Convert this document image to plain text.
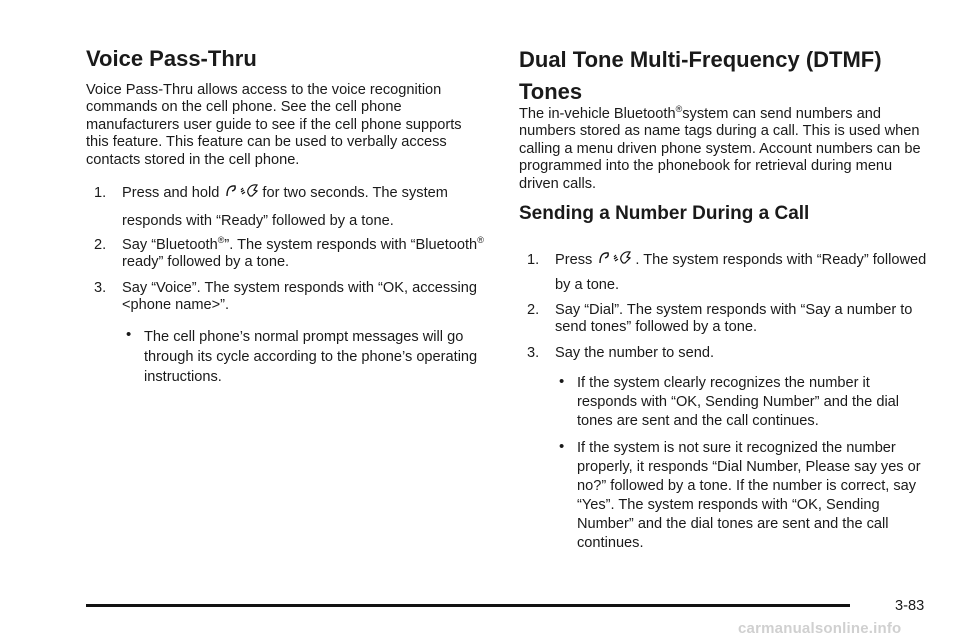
Voice Pass-Thru

Voice Pass-Thru allows access to the voice recognition commands on the cell phone. See the cell phone manufacturers user guide to see if the cell phone supports this feature. This feature can be used to verbally access contacts stored in the cell phone.

1. Press and hold	for two seconds. The system responds with “Ready” followed by a tone.
2. Say “Bluetooth®”. The system responds with “Bluetooth® ready” followed by a tone.
3. Say “Voice”. The system responds with “OK, accessing <phone name>”.
• The cell phone’s normal prompt messages will go through its cycle according to the phone’s operating instructions.
Dual Tone Multi-Frequency (DTMF)
Tones

The in-vehicle Bluetooth®system can send numbers and numbers stored as name tags during a call. This is used when calling a menu driven phone system. Account numbers can be programmed into the phonebook for retrieval during menu driven calls.

Sending a Number During a Call
1. Press	. The system responds with “Ready” followed by a tone.
2. Say “Dial”. The system responds with “Say a number to send tones” followed by a tone.
3. Say the number to send.
• If the system clearly recognizes the number it responds with “OK, Sending Number” and the dial tones are sent and the call continues.
• If the system is not sure it recognized the number properly, it responds “Dial Number, Please say yes or no?” followed by a tone. If the number is correct, say “Yes”. The system responds with “OK, Sending Number” and the dial tones are sent and the call continues.
3-83
carmanualsonline.info
